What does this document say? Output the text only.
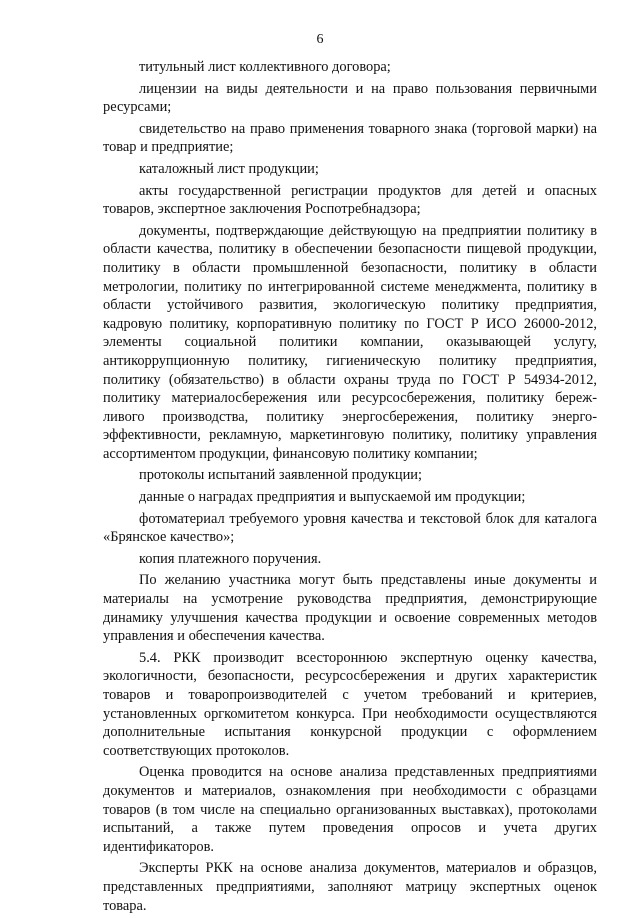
6

титульный лист коллективного договора;

лицензии на виды деятельности и на право пользования первичными ресурсами;

свидетельство на право применения товарного знака (торговой марки) на товар и предприятие;

каталожный лист продукции;

акты государственной регистрации продуктов для детей и опасных товаров, экспертное заключения Роспотребнадзора;

документы, подтверждающие действующую на предприятии политику в области качества, политику в обеспечении безопасности пищевой продукции, политику в области промышленной безопасности, политику в области метрологии, политику по интегрированной системе менеджмента, политику в области устойчивого развития, экологическую политику предприятия, кадровую политику, корпоративную политику по ГОСТ Р ИСО 26000-2012, элементы социальной политики компании, оказывающей услугу, антикоррупционную политику, гигиеническую политику предприятия, политику (обязательство) в области охраны труда по ГОСТ Р 54934-2012, политику материалосбережения или ресурсосбережения, политику береж-ливого производства, политику энергосбережения, политику энерго-эффективности, рекламную, маркетинговую политику, политику управления ассортиментом продукции, финансовую политику компании;

протоколы испытаний заявленной продукции;

данные о наградах предприятия и выпускаемой им продукции;

фотоматериал требуемого уровня качества и текстовой блок для каталога «Брянское качество»;

копия платежного поручения.

По желанию участника могут быть представлены иные документы и материалы на усмотрение руководства предприятия, демонстрирующие динамику улучшения качества продукции и освоение современных методов управления и обеспечения качества.

5.4. РКК производит всестороннюю экспертную оценку качества, экологичности, безопасности, ресурсосбережения и других характеристик товаров и товаропроизводителей с учетом требований и критериев, установленных оргкомитетом конкурса. При необходимости осуществляются дополнительные испытания конкурсной продукции с оформлением соответствующих протоколов.

Оценка проводится на основе анализа представленных предприятиями документов и материалов, ознакомления при необходимости с образцами товаров (в том числе на специально организованных выставках), протоколами испытаний, а также путем проведения опросов и учета других идентификаторов.

Эксперты РКК на основе анализа документов, материалов и образцов, представленных предприятиями, заполняют матрицу экспертных оценок товара.
